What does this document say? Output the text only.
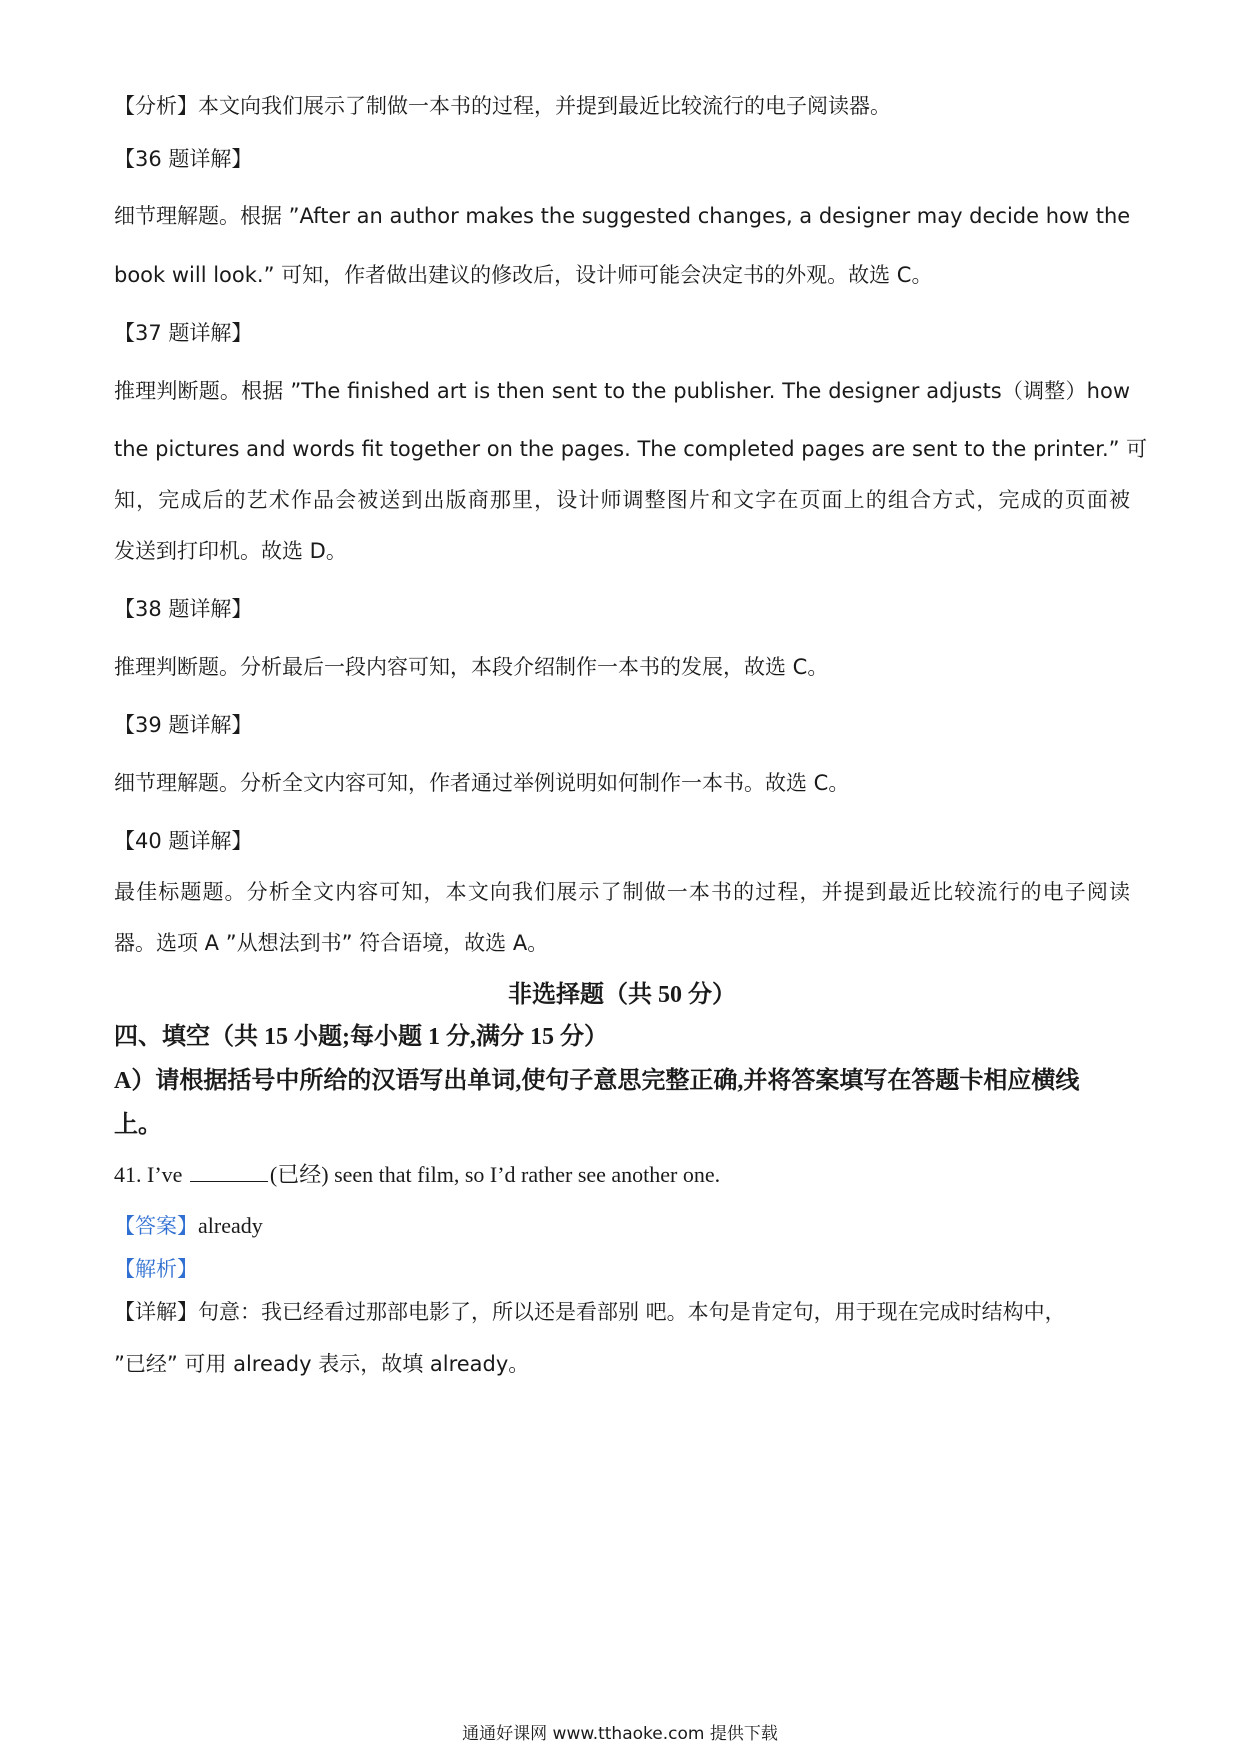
【分析】本文向我们展示了制做一本书的过程，并提到最近比较流行的电子阅读器。
【36 题详解】
细节理解题。根据 ”After an author makes the suggested changes, a designer may decide how the
book will look.” 可知，作者做出建议的修改后，设计师可能会决定书的外观。故选 C。
【37 题详解】
推理判断题。根据 ”The finished art is then sent to the publisher. The designer adjusts（调整）how
the pictures and words fit together on the pages. The completed pages are sent to the printer.” 可
知，完成后的艺术作品会被送到出版商那里，设计师调整图片和文字在页面上的组合方式，完成的页面被
发送到打印机。故选 D。
【38 题详解】
推理判断题。分析最后一段内容可知，本段介绍制作一本书的发展，故选 C。
【39 题详解】
细节理解题。分析全文内容可知，作者通过举例说明如何制作一本书。故选 C。
【40 题详解】
最佳标题题。分析全文内容可知，本文向我们展示了制做一本书的过程，并提到最近比较流行的电子阅读
器。选项 A ”从想法到书” 符合语境，故选 A。
非选择题（共 50 分）
四、填空（共 15 小题;每小题 1 分,满分 15 分）
A）请根据括号中所给的汉语写出单词,使句子意思完整正确,并将答案填写在答题卡相应横线
上。
41. I’ve	(已经) seen that film, so I’d rather see another one.
【答案】already
【解析】
【详解】句意：我已经看过那部电影了，所以还是看部别 吧。本句是肯定句，用于现在完成时结构中，
”已经” 可用 already 表示，故填 already。
通通好课网 www.tthaoke.com 提供下载
